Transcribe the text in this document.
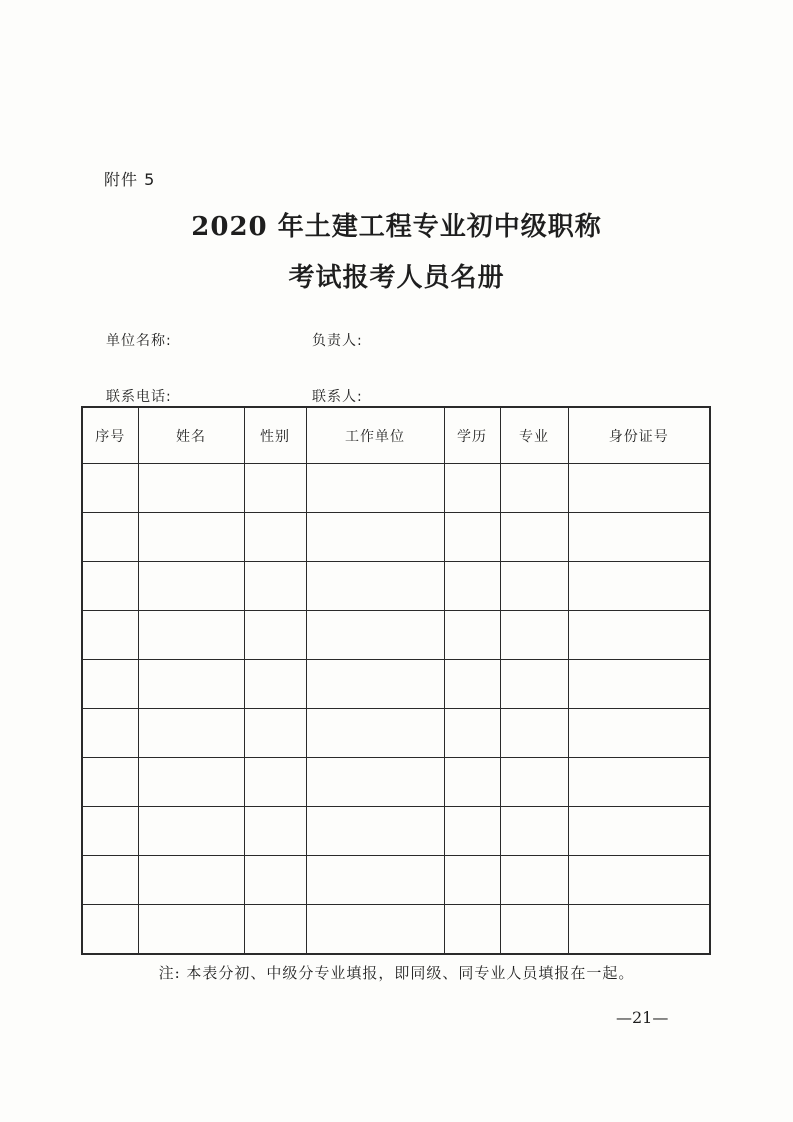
附件 5
2020 年土建工程专业初中级职称
考试报考人员名册
单位名称:	负责人:
联系电话:	联系人:
序号	姓名	性别	工作单位	学历	专业	身份证号

注: 本表分初、中级分专业填报，即同级、同专业人员填报在一起。
—21—
